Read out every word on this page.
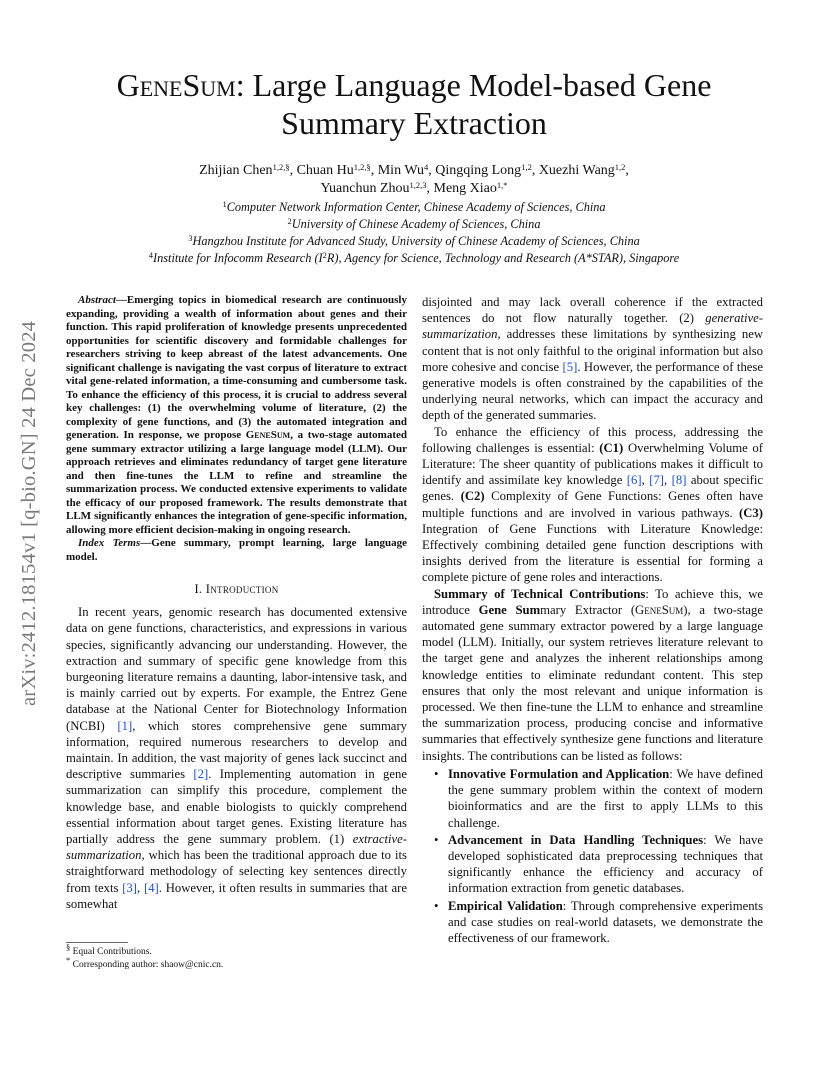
arXiv:2412.18154v1 [q-bio.GN] 24 Dec 2024
GeneSum: Large Language Model-based Gene
Summary Extraction
Zhijian Chen$^{1,2,\S}$, Chuan $Hu^{1,2,\S}$, Min Wu$^4$, Qingqing Long$^{1,2}$, Xuezhi Wang$^{1,2}$,
Yuanchun Zhou$^{1,2,3}$, Meng Xiao$^{1,*}$
$^1$Computer Network Information Center, Chinese Academy of Sciences, China
$^2$University of Chinese Academy of Sciences, China
$^3$Hangzhou Institute for Advanced Study, University of Chinese Academy of Sciences, China
$^4$Institute for Infocomm Research $(I^2R)$, Agency for Science, Technology and Research (A*STAR), Singapore

Abstract—Emerging topics in biomedical research are continuously expanding, providing a wealth of information about genes and their function. This rapid proliferation of knowledge presents unprecedented opportunities for scientific discovery and formidable challenges for researchers striving to keep abreast of the latest advancements. One significant challenge is navigating the vast corpus of literature to extract vital gene-related information, a time-consuming and cumbersome task. To enhance the efficiency of this process, it is crucial to address several key challenges: (1) the overwhelming volume of literature, (2) the complexity of gene functions, and (3) the automated integration and generation. In response, we propose GeneSum, a two-stage automated gene summary extractor utilizing a large language model (LLM). Our approach retrieves and eliminates redundancy of target gene literature and then fine-tunes the LLM to refine and streamline the summarization process. We conducted extensive experiments to validate the efficacy of our proposed framework. The results demonstrate that LLM significantly enhances the integration of gene-specific information, allowing more efficient decision-making in ongoing research.

Index Terms—Gene summary, prompt learning, large language model.

I. Introduction

In recent years, genomic research has documented extensive data on gene functions, characteristics, and expressions in various species, significantly advancing our understanding. However, the extraction and summary of specific gene knowledge from this burgeoning literature remains a daunting, labor-intensive task, and is mainly carried out by experts. For example, the Entrez Gene database at the National Center for Biotechnology Information (NCBI) [1], which stores comprehensive gene summary information, required numerous researchers to develop and maintain. In addition, the vast majority of genes lack succinct and descriptive summaries [2]. Implementing automation in gene summarization can simplify this procedure, complement the knowledge base, and enable biologists to quickly comprehend essential information about target genes. Existing literature has partially address the gene summary problem. (1) extractive-summarization, which has been the traditional approach due to its straightforward methodology of selecting key sentences directly from texts [3], [4]. However, it often results in summaries that are somewhat

§ Equal Contributions.
* Corresponding author: shaow@cnic.cn.

disjointed and may lack overall coherence if the extracted sentences do not flow naturally together. (2) generative-summarization, addresses these limitations by synthesizing new content that is not only faithful to the original information but also more cohesive and concise [5]. However, the performance of these generative models is often constrained by the capabilities of the underlying neural networks, which can impact the accuracy and depth of the generated summaries.

To enhance the efficiency of this process, addressing the following challenges is essential: (C1) Overwhelming Volume of Literature: The sheer quantity of publications makes it difficult to identify and assimilate key knowledge [6], [7], [8] about specific genes. (C2) Complexity of Gene Functions: Genes often have multiple functions and are involved in various pathways. (C3) Integration of Gene Functions with Literature Knowledge: Effectively combining detailed gene function descriptions with insights derived from the literature is essential for forming a complete picture of gene roles and interactions.

Summary of Technical Contributions: To achieve this, we introduce Gene Summary Extractor (GeneSum), a two-stage automated gene summary extractor powered by a large language model (LLM). Initially, our system retrieves literature relevant to the target gene and analyzes the inherent relationships among knowledge entities to eliminate redundant content. This step ensures that only the most relevant and unique information is processed. We then fine-tune the LLM to enhance and streamline the summarization process, producing concise and informative summaries that effectively synthesize gene functions and literature insights. The contributions can be listed as follows:

• Innovative Formulation and Application: We have defined the gene summary problem within the context of modern bioinformatics and are the first to apply LLMs to this challenge.
• Advancement in Data Handling Techniques: We have developed sophisticated data preprocessing techniques that significantly enhance the efficiency and accuracy of information extraction from genetic databases.
• Empirical Validation: Through comprehensive experiments and case studies on real-world datasets, we demonstrate the effectiveness of our framework.
